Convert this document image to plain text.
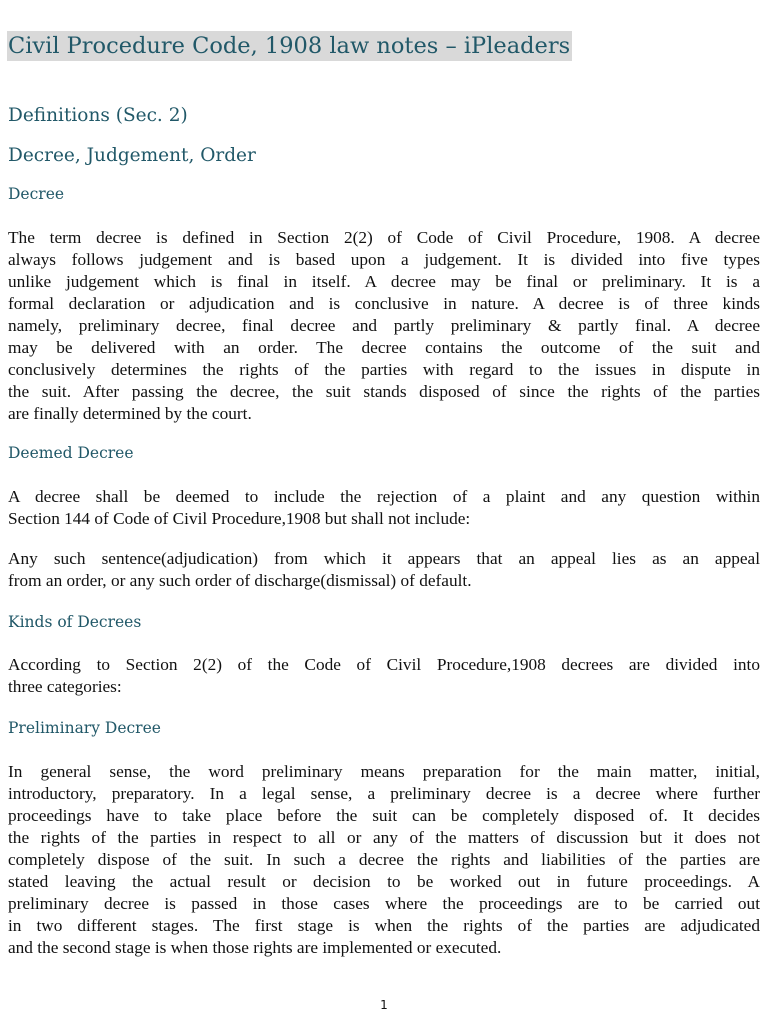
Civil Procedure Code, 1908 law notes – iPleaders
Definitions (Sec. 2)
Decree, Judgement, Order
Decree

The term decree is defined in Section 2(2) of Code of Civil Procedure, 1908. A decree
always follows judgement and is based upon a judgement. It is divided into five types
unlike judgement which is final in itself. A decree may be final or preliminary. It is a
formal declaration or adjudication and is conclusive in nature. A decree is of three kinds
namely, preliminary decree, final decree and partly preliminary & partly final. A decree
may be delivered with an order. The decree contains the outcome of the suit and
conclusively determines the rights of the parties with regard to the issues in dispute in
the suit. After passing the decree, the suit stands disposed of since the rights of the parties
are finally determined by the court.

Deemed Decree

A decree shall be deemed to include the rejection of a plaint and any question within
Section 144 of Code of Civil Procedure,1908 but shall not include:

Any such sentence(adjudication) from which it appears that an appeal lies as an appeal
from an order, or any such order of discharge(dismissal) of default.

Kinds of Decrees

According to Section 2(2) of the Code of Civil Procedure,1908 decrees are divided into
three categories:

Preliminary Decree

In general sense, the word preliminary means preparation for the main matter, initial,
introductory, preparatory. In a legal sense, a preliminary decree is a decree where further
proceedings have to take place before the suit can be completely disposed of. It decides
the rights of the parties in respect to all or any of the matters of discussion but it does not
completely dispose of the suit. In such a decree the rights and liabilities of the parties are
stated leaving the actual result or decision to be worked out in future proceedings. A
preliminary decree is passed in those cases where the proceedings are to be carried out
in two different stages. The first stage is when the rights of the parties are adjudicated
and the second stage is when those rights are implemented or executed.

1
